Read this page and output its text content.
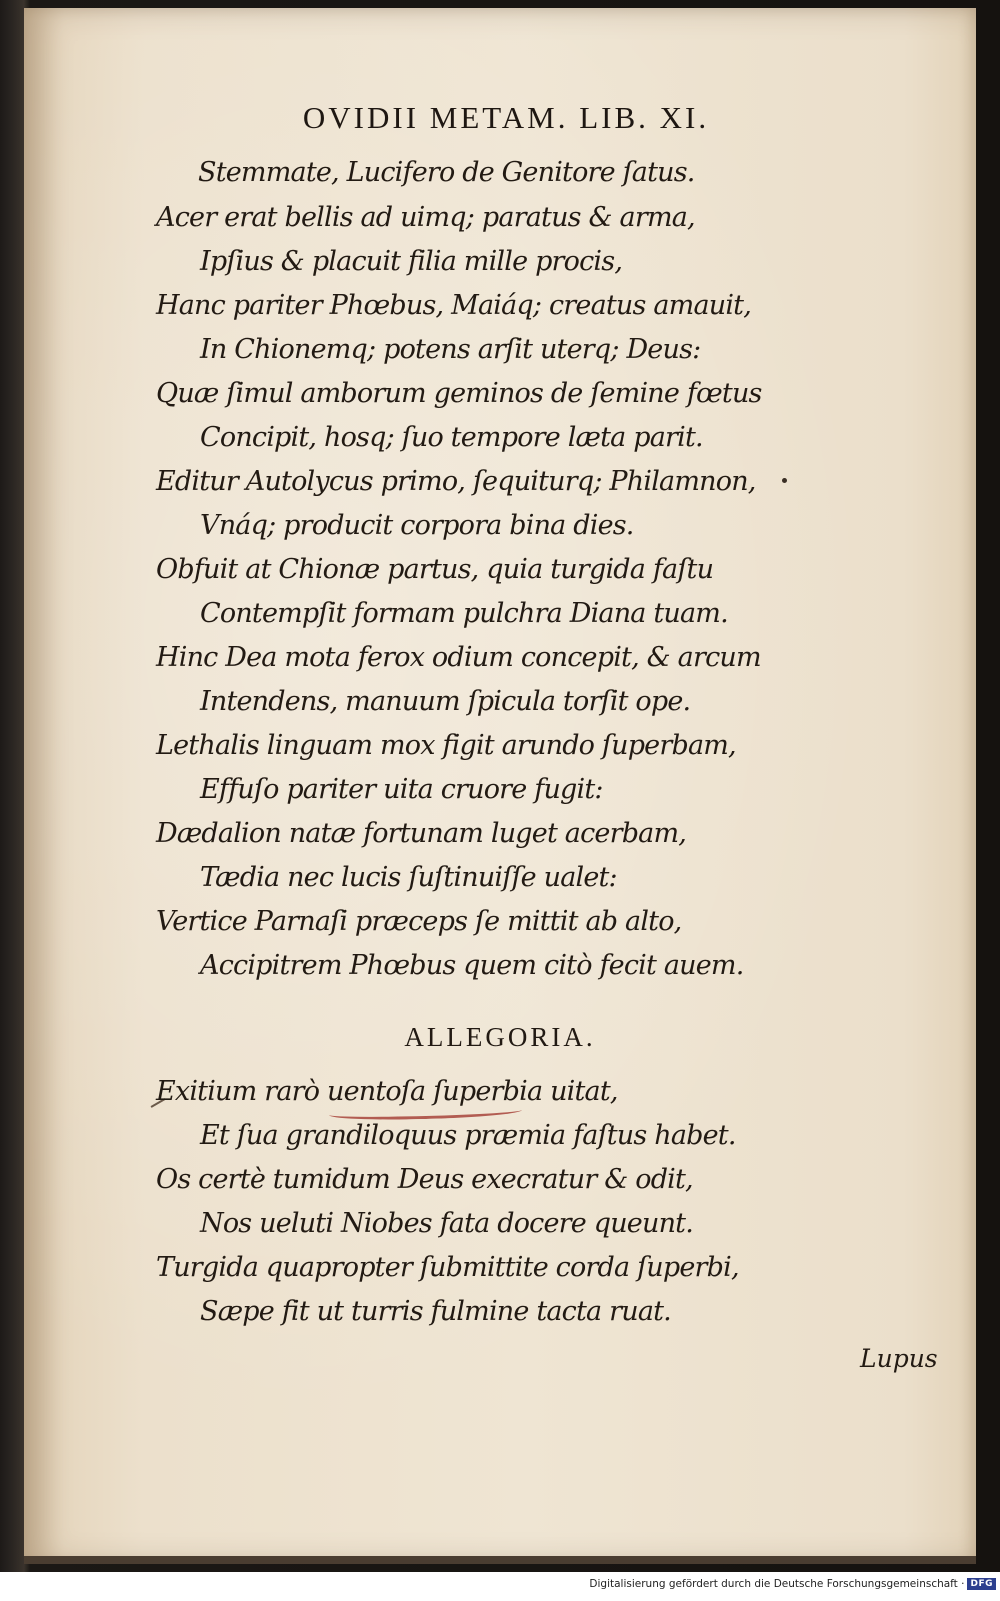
OVIDII METAM. LIB. XI.
Stemmate, Lucifero de Genitore ſatus.
Acer erat bellis ad uimq; paratus & arma,
Ipſius & placuit filia mille procis,
Hanc pariter Phœbus, Maiáq; creatus amauit,
In Chionemq; potens arſit uterq; Deus:
Quæ ſimul amborum geminos de ſemine fœtus
Concipit, hosq; ſuo tempore læta parit.
Editur Autolycus primo, ſequiturq; Philamnon,
Vnáq; producit corpora bina dies.
Obfuit at Chionæ partus, quia turgida faſtu
Contempſit formam pulchra Diana tuam.
Hinc Dea mota ferox odium concepit, & arcum
Intendens, manuum ſpicula torſit ope.
Lethalis linguam mox figit arundo ſuperbam,
Effuſo pariter uita cruore fugit:
Dædalion natæ fortunam luget acerbam,
Tædia nec lucis ſuſtinuiſſe ualet:
Vertice Parnaſi præceps ſe mittit ab alto,
Accipitrem Phœbus quem citò fecit auem.
ALLEGORIA.
Exitium rarò uentoſa ſuperbia uitat,
Et ſua grandiloquus præmia faſtus habet.
Os certè tumidum Deus execratur & odit,
Nos ueluti Niobes fata docere queunt.
Turgida quapropter ſubmittite corda ſuperbi,
Sæpe fit ut turris fulmine tacta ruat.
Lupus
Digitalisierung gefördert durch die Deutsche Forschungsgemeinschaft · DFG
